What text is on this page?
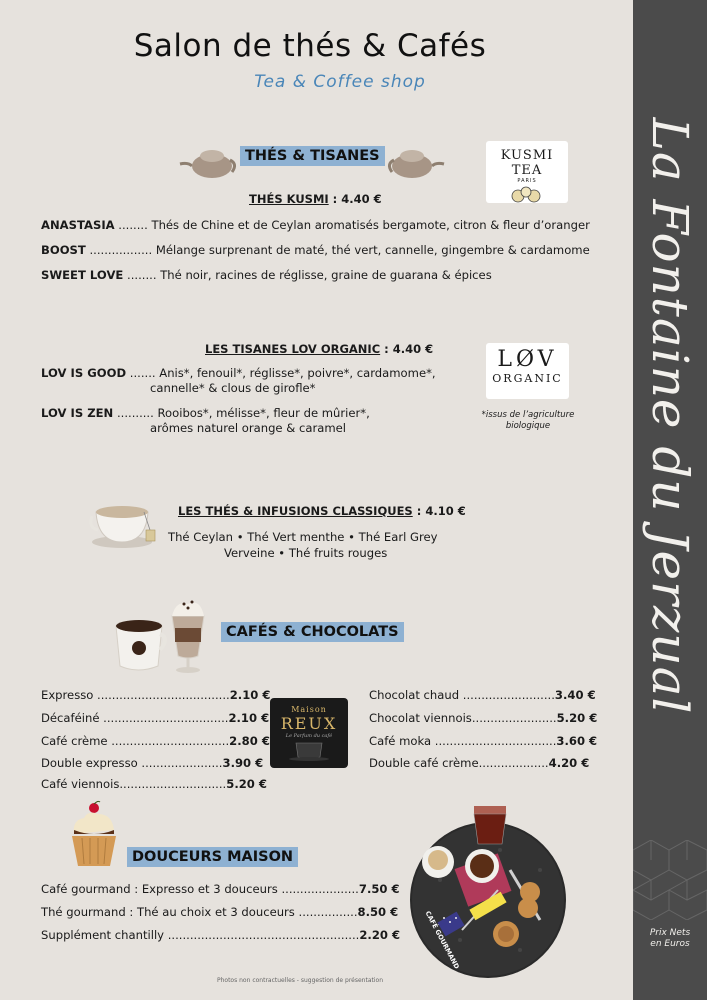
La Fontaine du Jerzual
Prix Nets
en Euros
Salon de thés & Cafés
Tea & Coffee shop
THÉS & TISANES	KUSMI TEA
PARIS
THÉS KUSMI : 4.40 €
ANASTASIA ........ Thés de Chine et de Ceylan aromatisés bergamote, citron & fleur d’oranger
BOOST ................. Mélange surprenant de maté, thé vert, cannelle, gingembre & cardamome
SWEET LOVE ........ Thé noir, racines de réglisse, graine de guarana & épices
LES TISANES LOV ORGANIC : 4.40 €	LØV
ORGANIC
*issus de l’agriculture
biologique
LOV IS GOOD ....... Anis*, fenouil*, réglisse*, poivre*, cardamome*,
cannelle* & clous de girofle*
LOV IS ZEN .......... Rooibos*, mélisse*, fleur de mûrier*,
arômes naturel orange & caramel
LES THÉS & INFUSIONS CLASSIQUES : 4.10 €
Thé Ceylan • Thé Vert menthe • Thé Earl Grey
Verveine • Thé fruits rouges
CAFÉS & CHOCOLATS
Expresso ....................................2.10 €
Décaféiné ..................................2.10 €
Café crème ................................2.80 €
Double expresso ......................3.90 €
Café viennois.............................5.20 €
Maison
REUX
Le Parfum du café
Chocolat chaud .........................3.40 €
Chocolat viennois.......................5.20 €
Café moka .................................3.60 €
Double café crème...................4.20 €
DOUCEURS MAISON
Café gourmand : Expresso et 3 douceurs .....................7.50 €
Thé gourmand : Thé au choix et 3 douceurs ................8.50 €
Supplément chantilly ....................................................2.20 €	CAFÉ GOURMAND
Photos non contractuelles - suggestion de présentation
